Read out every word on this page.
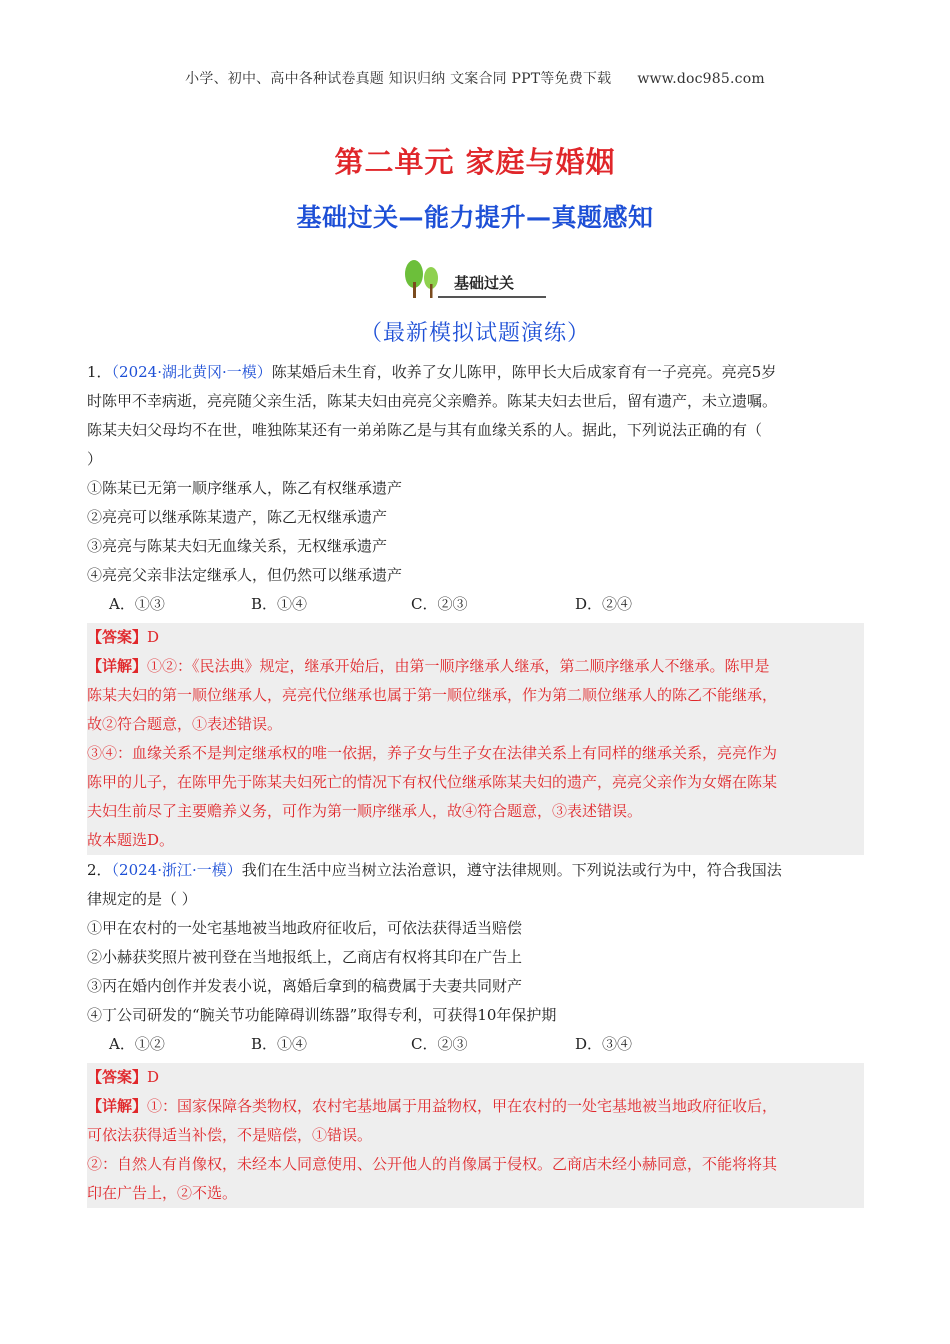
小学、初中、高中各种试卷真题 知识归纳 文案合同 PPT等免费下载 www.doc985.com
第二单元 家庭与婚姻
基础过关—能力提升—真题感知
基础过关
（最新模拟试题演练）
1．（2024·湖北黄冈·一模）陈某婚后未生育，收养了女儿陈甲，陈甲长大后成家育有一子亮亮。亮亮5岁
时陈甲不幸病逝，亮亮随父亲生活，陈某夫妇由亮亮父亲赡养。陈某夫妇去世后，留有遗产，未立遗嘱。
陈某夫妇父母均不在世，唯独陈某还有一弟弟陈乙是与其有血缘关系的人。据此，下列说法正确的有（
）
①陈某已无第一顺序继承人，陈乙有权继承遗产
②亮亮可以继承陈某遗产，陈乙无权继承遗产
③亮亮与陈某夫妇无血缘关系，无权继承遗产
④亮亮父亲非法定继承人，但仍然可以继承遗产
A．①③	B．①④	C．②③	D．②④
【答案】D
【详解】①②：《民法典》规定，继承开始后，由第一顺序继承人继承，第二顺序继承人不继承。陈甲是
陈某夫妇的第一顺位继承人，亮亮代位继承也属于第一顺位继承，作为第二顺位继承人的陈乙不能继承，
故②符合题意，①表述错误。
③④：血缘关系不是判定继承权的唯一依据，养子女与生子女在法律关系上有同样的继承关系，亮亮作为
陈甲的儿子，在陈甲先于陈某夫妇死亡的情况下有权代位继承陈某夫妇的遗产，亮亮父亲作为女婿在陈某
夫妇生前尽了主要赡养义务，可作为第一顺序继承人，故④符合题意，③表述错误。
故本题选D。
2．（2024·浙江·一模）我们在生活中应当树立法治意识，遵守法律规则。下列说法或行为中，符合我国法
律规定的是（ ）
①甲在农村的一处宅基地被当地政府征收后，可依法获得适当赔偿
②小赫获奖照片被刊登在当地报纸上，乙商店有权将其印在广告上
③丙在婚内创作并发表小说，离婚后拿到的稿费属于夫妻共同财产
④丁公司研发的“腕关节功能障碍训练器”取得专利，可获得10年保护期
A．①②	B．①④	C．②③	D．③④
【答案】D
【详解】①：国家保障各类物权，农村宅基地属于用益物权，甲在农村的一处宅基地被当地政府征收后，
可依法获得适当补偿，不是赔偿，①错误。
②：自然人有肖像权，未经本人同意使用、公开他人的肖像属于侵权。乙商店未经小赫同意，不能将将其
印在广告上，②不选。
